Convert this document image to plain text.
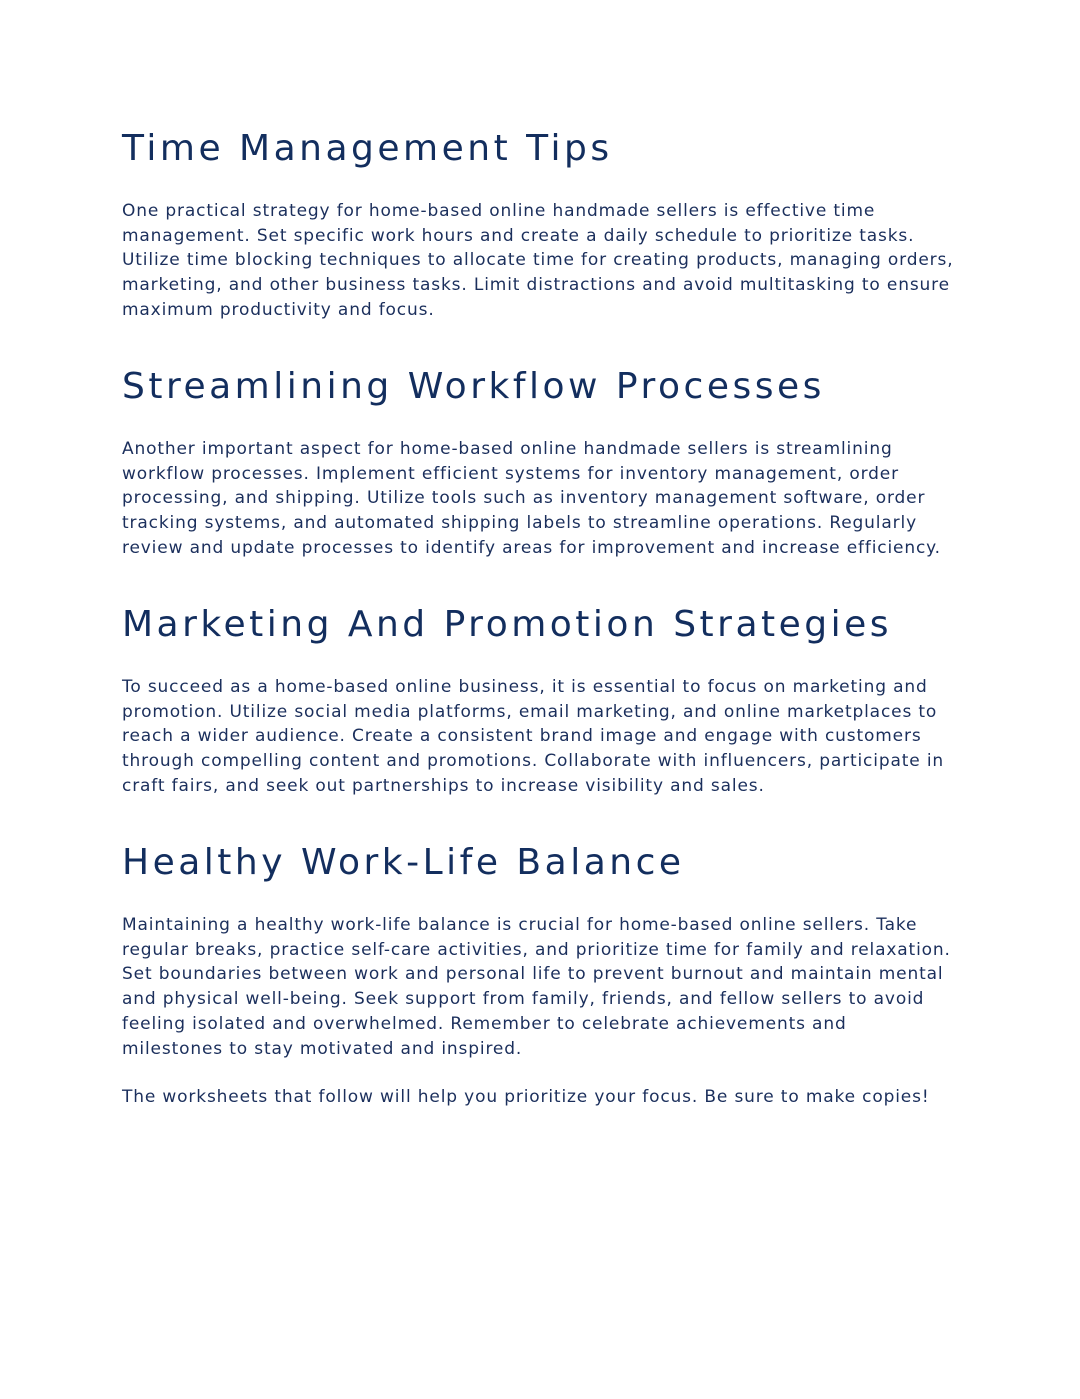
Time Management Tips

One practical strategy for home-based online handmade sellers is effective time
management. Set specific work hours and create a daily schedule to prioritize tasks.
Utilize time blocking techniques to allocate time for creating products, managing orders,
marketing, and other business tasks. Limit distractions and avoid multitasking to ensure
maximum productivity and focus.

Streamlining Workflow Processes

Another important aspect for home-based online handmade sellers is streamlining
workflow processes. Implement efficient systems for inventory management, order
processing, and shipping. Utilize tools such as inventory management software, order
tracking systems, and automated shipping labels to streamline operations. Regularly
review and update processes to identify areas for improvement and increase efficiency.

Marketing And Promotion Strategies

To succeed as a home-based online business, it is essential to focus on marketing and
promotion. Utilize social media platforms, email marketing, and online marketplaces to
reach a wider audience. Create a consistent brand image and engage with customers
through compelling content and promotions. Collaborate with influencers, participate in
craft fairs, and seek out partnerships to increase visibility and sales.

Healthy Work-Life Balance

Maintaining a healthy work-life balance is crucial for home-based online sellers. Take
regular breaks, practice self-care activities, and prioritize time for family and relaxation.
Set boundaries between work and personal life to prevent burnout and maintain mental
and physical well-being. Seek support from family, friends, and fellow sellers to avoid
feeling isolated and overwhelmed. Remember to celebrate achievements and
milestones to stay motivated and inspired.

The worksheets that follow will help you prioritize your focus. Be sure to make copies!
